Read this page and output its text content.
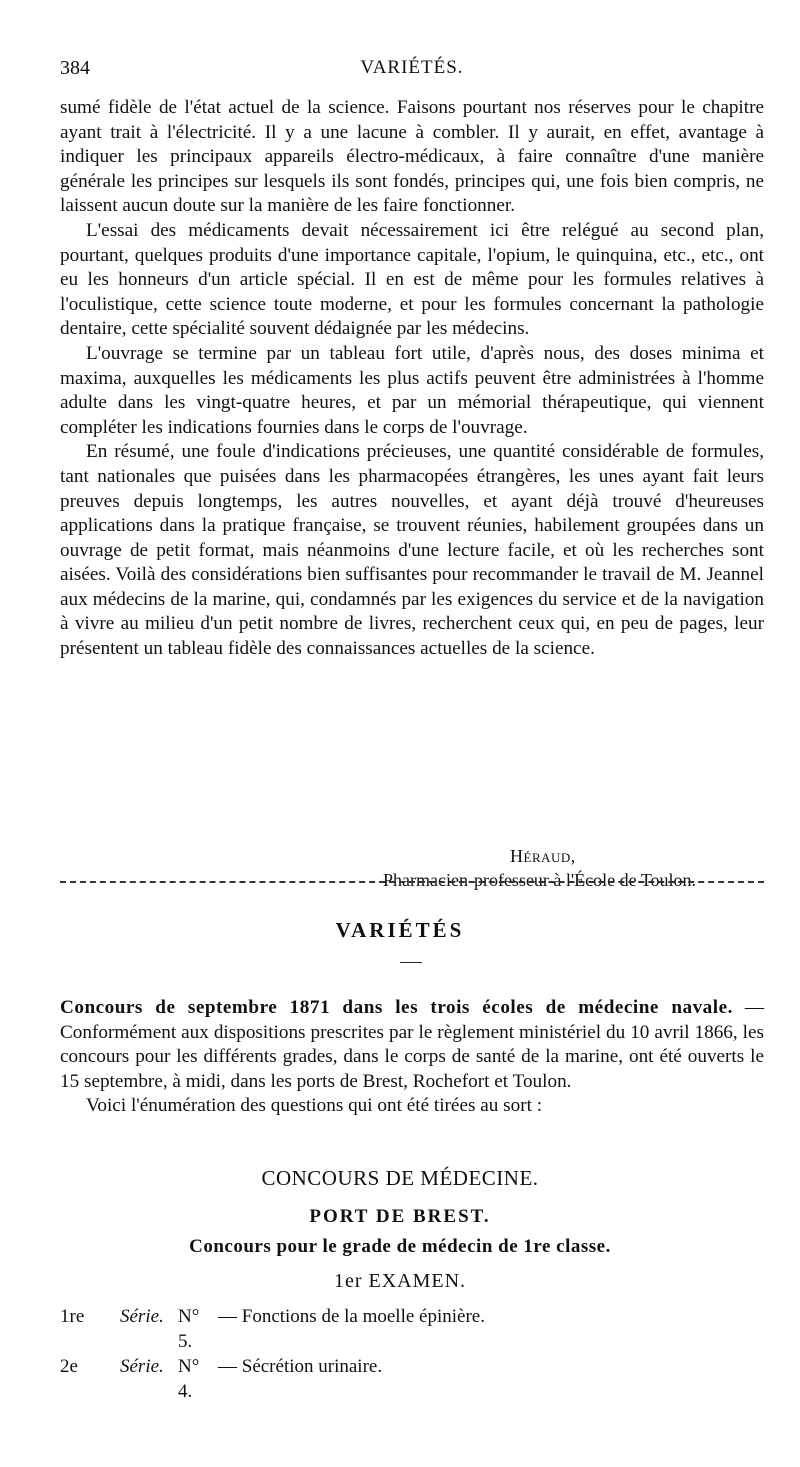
384	VARIÉTÉS.

sumé fidèle de l'état actuel de la science. Faisons pourtant nos réserves pour le chapitre ayant trait à l'électricité. Il y a une lacune à combler. Il y aurait, en effet, avantage à indiquer les principaux appareils électro-médicaux, à faire connaître d'une manière générale les principes sur lesquels ils sont fondés, principes qui, une fois bien compris, ne laissent aucun doute sur la manière de les faire fonctionner.

L'essai des médicaments devait nécessairement ici être relégué au second plan, pourtant, quelques produits d'une importance capitale, l'opium, le quinquina, etc., etc., ont eu les honneurs d'un article spécial. Il en est de même pour les formules relatives à l'oculistique, cette science toute moderne, et pour les formules concernant la pathologie dentaire, cette spécialité souvent dédaignée par les médecins.

L'ouvrage se termine par un tableau fort utile, d'après nous, des doses minima et maxima, auxquelles les médicaments les plus actifs peuvent être administrées à l'homme adulte dans les vingt-quatre heures, et par un mémorial thérapeutique, qui viennent compléter les indications fournies dans le corps de l'ouvrage.

En résumé, une foule d'indications précieuses, une quantité considérable de formules, tant nationales que puisées dans les pharmacopées étrangères, les unes ayant fait leurs preuves depuis longtemps, les autres nouvelles, et ayant déjà trouvé d'heureuses applications dans la pratique française, se trouvent réunies, habilement groupées dans un ouvrage de petit format, mais néanmoins d'une lecture facile, et où les recherches sont aisées. Voilà des considérations bien suffisantes pour recommander le travail de M. Jeannel aux médecins de la marine, qui, condamnés par les exigences du service et de la navigation à vivre au milieu d'un petit nombre de livres, recherchent ceux qui, en peu de pages, leur présentent un tableau fidèle des connaissances actuelles de la science.

Héraud,
Pharmacien-professeur à l'École de Toulon.
VARIÉTÉS

Concours de septembre 1871 dans les trois écoles de médecine navale. — Conformément aux dispositions prescrites par le règlement ministériel du 10 avril 1866, les concours pour les différents grades, dans le corps de santé de la marine, ont été ouverts le 15 septembre, à midi, dans les ports de Brest, Rochefort et Toulon.

Voici l'énumération des questions qui ont été tirées au sort :

CONCOURS DE MÉDECINE.
PORT DE BREST.
Concours pour le grade de médecin de 1re classe.
1er EXAMEN.
1re	Série. N° 5.
— Fonctions de la moelle épinière.
2e	Série. N° 4.
— Sécrétion urinaire.
